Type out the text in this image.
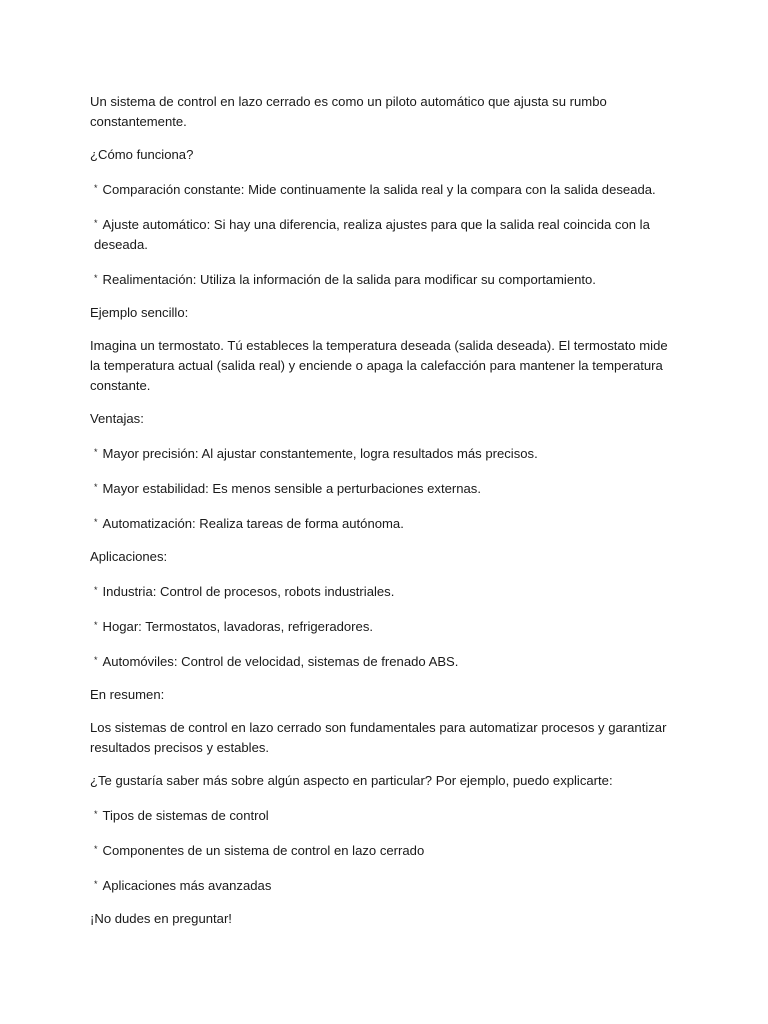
Un sistema de control en lazo cerrado es como un piloto automático que ajusta su rumbo constantemente.

¿Cómo funciona?

* Comparación constante: Mide continuamente la salida real y la compara con la salida deseada.

* Ajuste automático: Si hay una diferencia, realiza ajustes para que la salida real coincida con la deseada.

* Realimentación: Utiliza la información de la salida para modificar su comportamiento.

Ejemplo sencillo:

Imagina un termostato. Tú estableces la temperatura deseada (salida deseada). El termostato mide la temperatura actual (salida real) y enciende o apaga la calefacción para mantener la temperatura constante.

Ventajas:

* Mayor precisión: Al ajustar constantemente, logra resultados más precisos.

* Mayor estabilidad: Es menos sensible a perturbaciones externas.

* Automatización: Realiza tareas de forma autónoma.

Aplicaciones:

* Industria: Control de procesos, robots industriales.

* Hogar: Termostatos, lavadoras, refrigeradores.

* Automóviles: Control de velocidad, sistemas de frenado ABS.

En resumen:

Los sistemas de control en lazo cerrado son fundamentales para automatizar procesos y garantizar resultados precisos y estables.

¿Te gustaría saber más sobre algún aspecto en particular? Por ejemplo, puedo explicarte:

* Tipos de sistemas de control

* Componentes de un sistema de control en lazo cerrado

* Aplicaciones más avanzadas

¡No dudes en preguntar!
